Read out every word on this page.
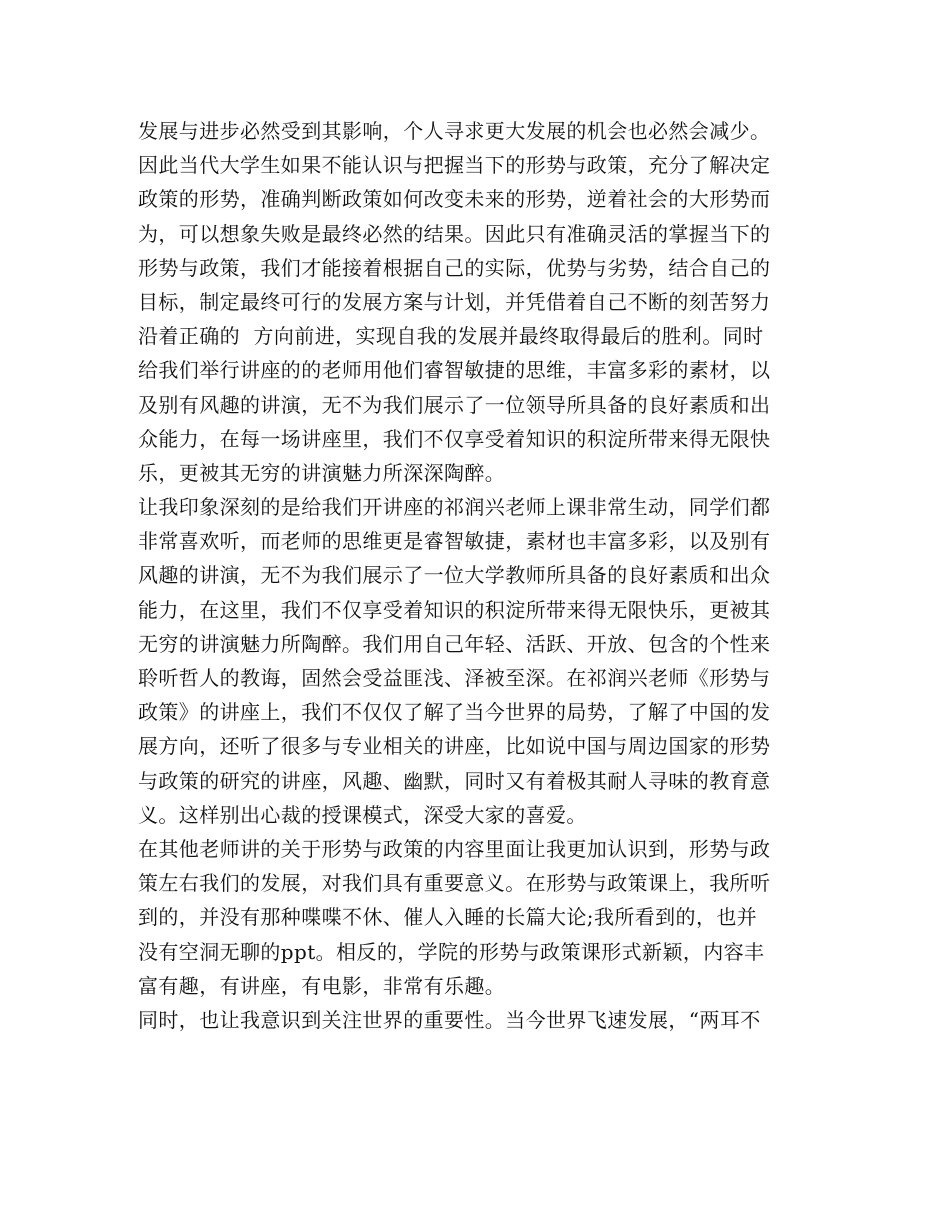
发展与进步必然受到其影响，个人寻求更大发展的机会也必然会减少。
因此当代大学生如果不能认识与把握当下的形势与政策，充分了解决定
政策的形势，准确判断政策如何改变未来的形势，逆着社会的大形势而
为，可以想象失败是最终必然的结果。因此只有准确灵活的掌握当下的
形势与政策，我们才能接着根据自己的实际，优势与劣势，结合自己的
目标，制定最终可行的发展方案与计划，并凭借着自己不断的刻苦努力
沿着正确的  方向前进，实现自我的发展并最终取得最后的胜利。同时
给我们举行讲座的的老师用他们睿智敏捷的思维，丰富多彩的素材，以
及别有风趣的讲演，无不为我们展示了一位领导所具备的良好素质和出
众能力，在每一场讲座里，我们不仅享受着知识的积淀所带来得无限快
乐，更被其无穷的讲演魅力所深深陶醉。
让我印象深刻的是给我们开讲座的祁润兴老师上课非常生动，同学们都
非常喜欢听，而老师的思维更是睿智敏捷，素材也丰富多彩，以及别有
风趣的讲演，无不为我们展示了一位大学教师所具备的良好素质和出众
能力，在这里，我们不仅享受着知识的积淀所带来得无限快乐，更被其
无穷的讲演魅力所陶醉。我们用自己年轻、活跃、开放、包含的个性来
聆听哲人的教诲，固然会受益匪浅、泽被至深。在祁润兴老师《形势与
政策》的讲座上，我们不仅仅了解了当今世界的局势，了解了中国的发
展方向，还听了很多与专业相关的讲座，比如说中国与周边国家的形势
与政策的研究的讲座，风趣、幽默，同时又有着极其耐人寻味的教育意
义。这样别出心裁的授课模式，深受大家的喜爱。
在其他老师讲的关于形势与政策的内容里面让我更加认识到，形势与政
策左右我们的发展，对我们具有重要意义。在形势与政策课上，我所听
到的，并没有那种喋喋不休、催人入睡的长篇大论;我所看到的，也并
没有空洞无聊的ppt。相反的，学院的形势与政策课形式新颖，内容丰
富有趣，有讲座，有电影，非常有乐趣。
同时，也让我意识到关注世界的重要性。当今世界飞速发展，“两耳不
